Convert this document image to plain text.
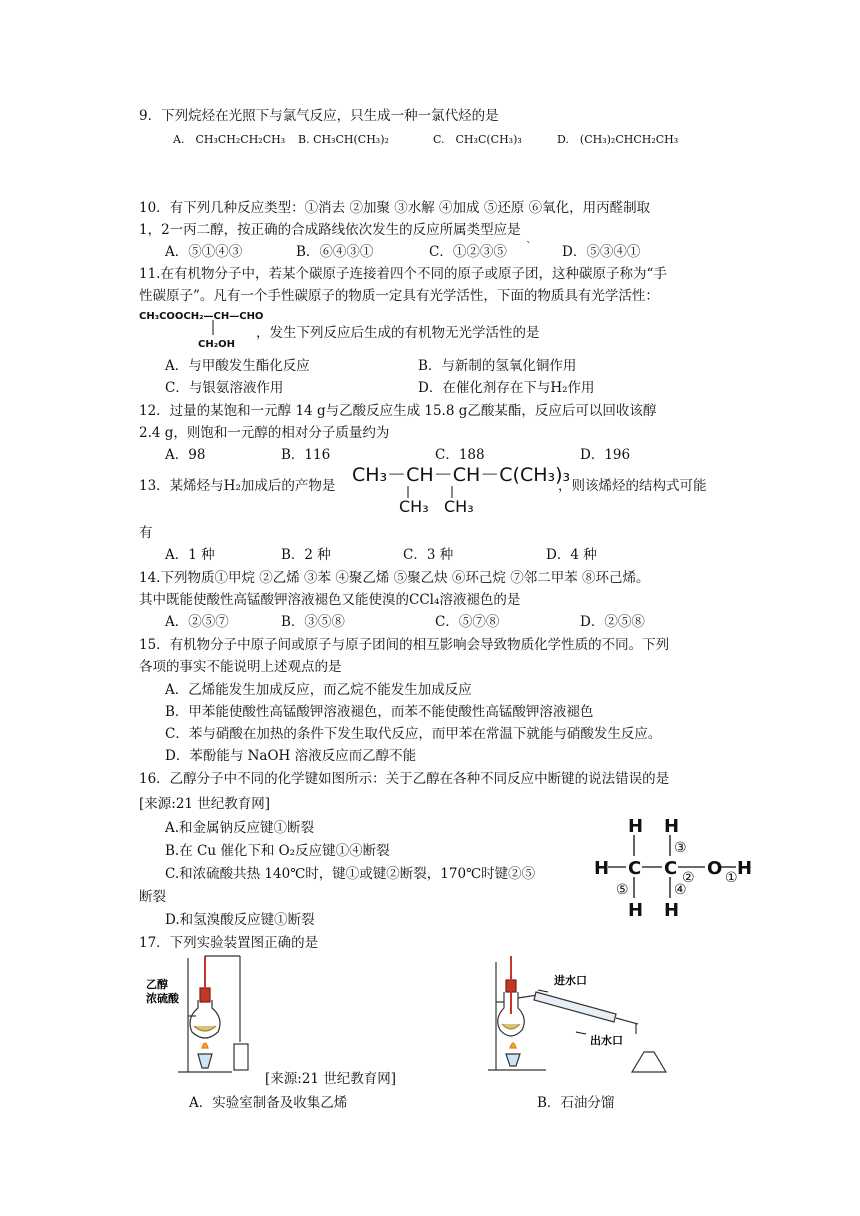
9．下列烷烃在光照下与氯气反应，只生成一种一氯代烃的是
A.　CH₃CH₂CH₂CH₃ B. CH₃CH(CH₃)₂	C.　CH₃C(CH₃)₃	D.　(CH₃)₂CHCH₂CH₃
10．有下列几种反应类型：①消去 ②加聚 ③水解 ④加成 ⑤还原 ⑥氧化，用丙醛制取
1，2一丙二醇，按正确的合成路线依次发生的反应所属类型应是
A．⑤①④③	B．⑥④③①	C．①②③⑤ ` D．⑤③④①
11.在有机物分子中，若某个碳原子连接着四个不同的原子或原子团，这种碳原子称为“手
性碳原子”。凡有一个手性碳原子的物质一定具有光学活性，下面的物质具有光学活性：
CH₃COOCH₂—CH—CHO
CH₂OH
，发生下列反应后生成的有机物无光学活性的是
A．与甲酸发生酯化反应	B．与新制的氢氧化铜作用
C．与银氨溶液作用	D．在催化剂存在下与H₂作用
12．过量的某饱和一元醇 14 g与乙酸反应生成 15.8 g乙酸某酯，反应后可以回收该醇
2.4 g，则饱和一元醇的相对分子质量约为
A．98	B．116	C．188	D．196
13．某烯烃与H₂加成后的产物是 CH₃－CH－CH－C(CH₃)₃
CH₃ CH₃
，则该烯烃的结构式可能
有
A．1 种	B．2 种	C．3 种	D．4 种
14.下列物质①甲烷 ②乙烯 ③苯 ④聚乙烯 ⑤聚乙炔 ⑥环己烷 ⑦邻二甲苯 ⑧环己烯。
其中既能使酸性高锰酸钾溶液褪色又能使溴的CCl₄溶液褪色的是
A．②⑤⑦	B．③⑤⑧	C．⑤⑦⑧	D．②⑤⑧
15．有机物分子中原子间或原子与原子团间的相互影响会导致物质化学性质的不同。下列
各项的事实不能说明上述观点的是
A．乙烯能发生加成反应，而乙烷不能发生加成反应
B．甲苯能使酸性高锰酸钾溶液褪色，而苯不能使酸性高锰酸钾溶液褪色
C．苯与硝酸在加热的条件下发生取代反应，而甲苯在常温下就能与硝酸发生反应。
D．苯酚能与 NaOH 溶液反应而乙醇不能
16．乙醇分子中不同的化学键如图所示：关于乙醇在各种不同反应中断键的说法错误的是
[来源:21 世纪教育网]
A.和金属钠反应键①断裂
B.在 Cu 催化下和 O₂反应键①④断裂
C.和浓硫酸共热 140℃时，键①或键②断裂，170℃时键②⑤
断裂
D.和氢溴酸反应键①断裂
H H
H C C O H
H H
③
⑤	④
② ①
17．下列实验装置图正确的是
乙醇
浓硫酸
[来源:21 世纪教育网]
A．实验室制备及收集乙烯
进水口
出水口
B．石油分馏
